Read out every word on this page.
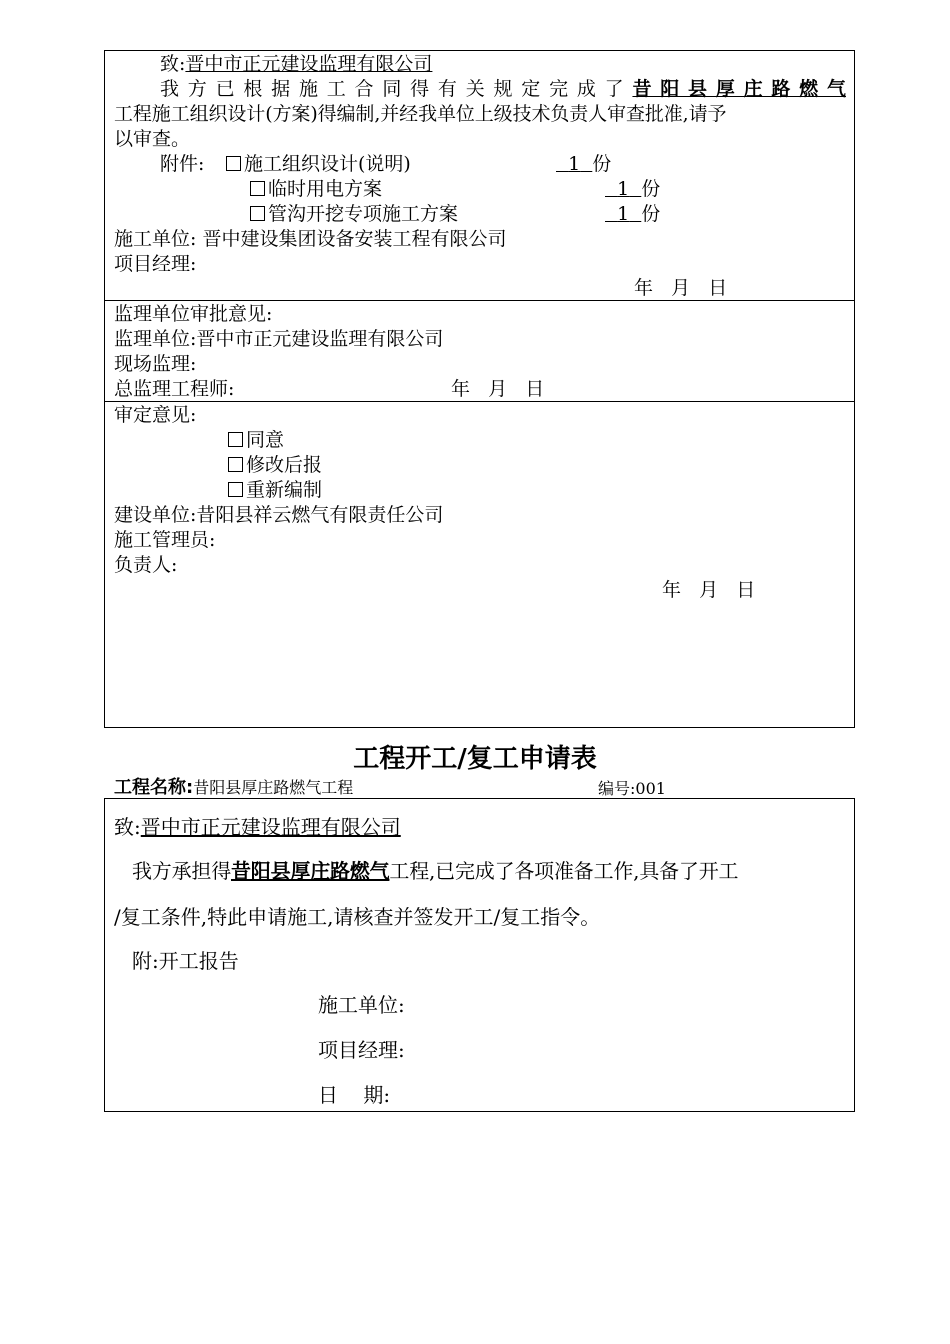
致:晋中市正元建设监理有限公司
我方已根据施工合同得有关规定完成了昔阳县厚庄路燃气
工程施工组织设计(方案)得编制,并经我单位上级技术负责人审查批准,请予
以审查。
附件:	施工组织设计(说明)	1 份
临时用电方案	1 份
管沟开挖专项施工方案	1 份
施工单位: 晋中建设集团设备安装工程有限公司
项目经理:
年   月   日
监理单位审批意见:
监理单位:晋中市正元建设监理有限公司
现场监理:
总监理工程师:	年   月   日
审定意见:
同意
修改后报
重新编制
建设单位:昔阳县祥云燃气有限责任公司
施工管理员:
负责人:
年   月   日
工程开工/复工申请表
工程名称:昔阳县厚庄路燃气工程	编号:001
致:晋中市正元建设监理有限公司
我方承担得昔阳县厚庄路燃气工程,已完成了各项准备工作,具备了开工
/复工条件,特此申请施工,请核查并签发开工/复工指令。
附:开工报告
施工单位:
项目经理:
日    期:
